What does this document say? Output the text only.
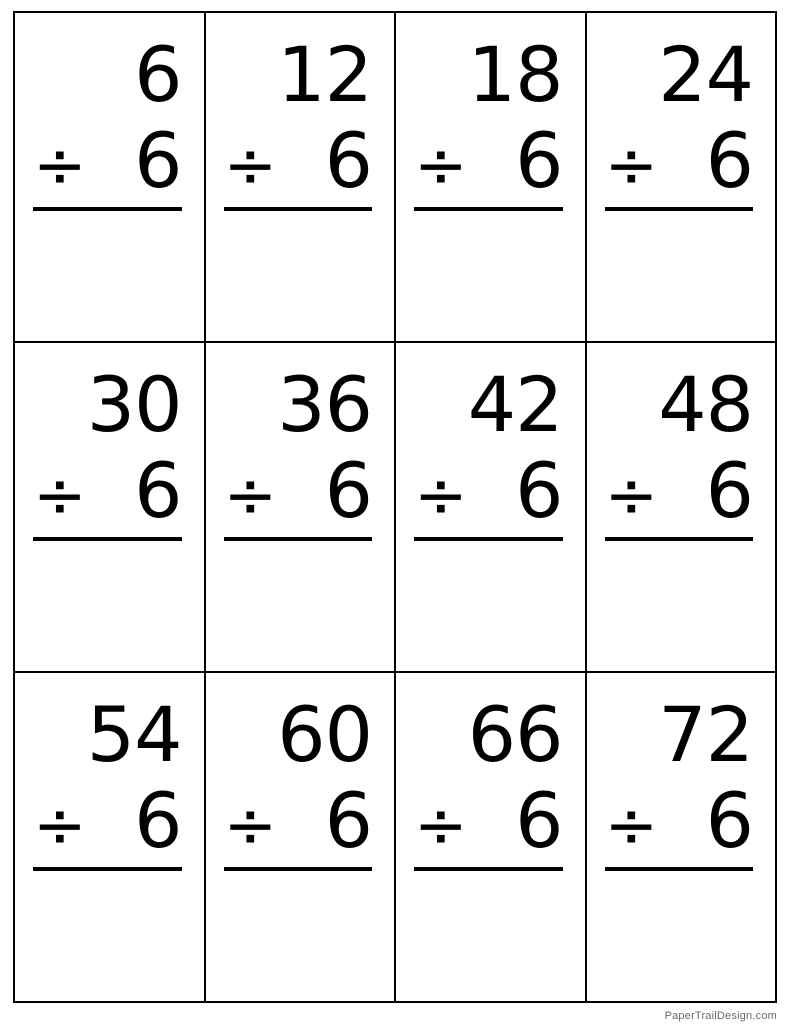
6
÷ 6
12
÷ 6
18
÷ 6
24
÷ 6
30
÷ 6
36
÷ 6
42
÷ 6
48
÷ 6
54
÷ 6
60
÷ 6
66
÷ 6
72
÷ 6
PaperTrailDesign.com
